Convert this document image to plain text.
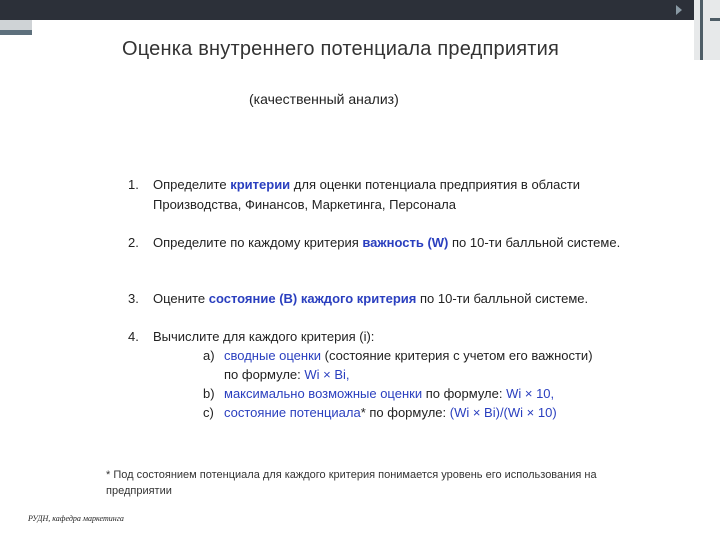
Оценка внутреннего потенциала предприятия
(качественный анализ)
1.	Определите критерии для оценки потенциала предприятия в области Производства, Финансов, Маркетинга, Персонала
2.	Определите по каждому критерия важность (W) по 10-ти балльной системе.
3.	Оцените состояние (В) каждого критерия по 10-ти балльной системе.
4.	Вычислите для каждого критерия (i):
a) сводные оценки (состояние критерия с учетом его важности)
по формуле: Wi × Bi,
b) максимально возможные оценки по формуле: Wi × 10,
c) состояние потенциала* по формуле: (Wi × Bi)/(Wi × 10)
* Под состоянием потенциала для каждого критерия понимается уровень его использования на предприятии
РУДН, кафедра маркетинга
